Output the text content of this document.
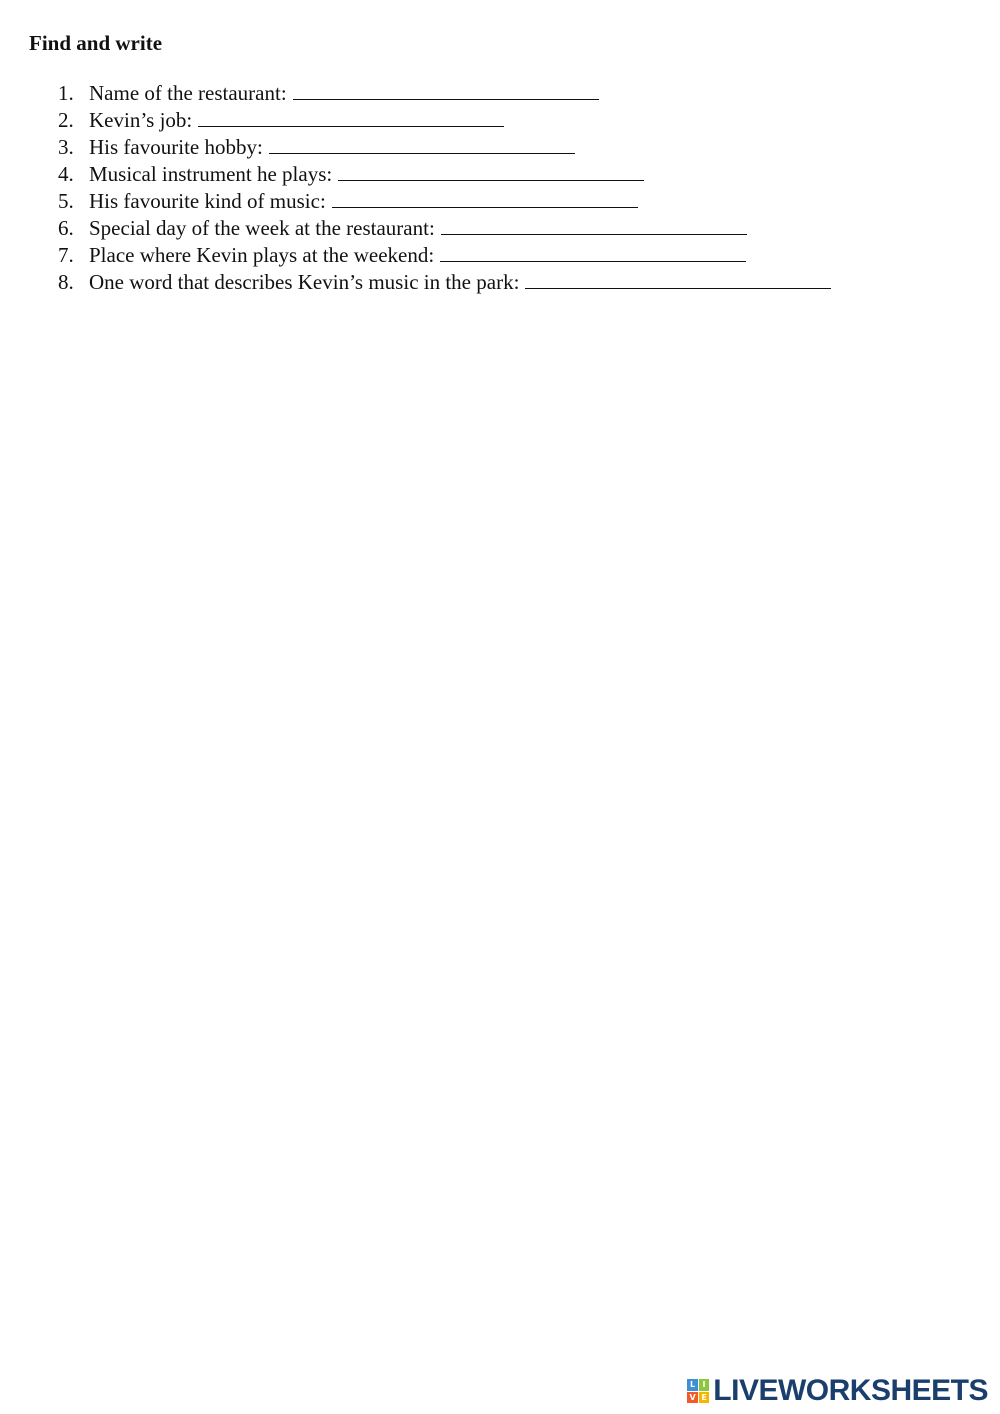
Find and write
1. Name of the restaurant:
2. Kevin’s job:
3. His favourite hobby:
4. Musical instrument he plays:
5. His favourite kind of music:
6. Special day of the week at the restaurant:
7. Place where Kevin plays at the weekend:
8. One word that describes Kevin’s music in the park:
L I
V E LIVEWORKSHEETS
